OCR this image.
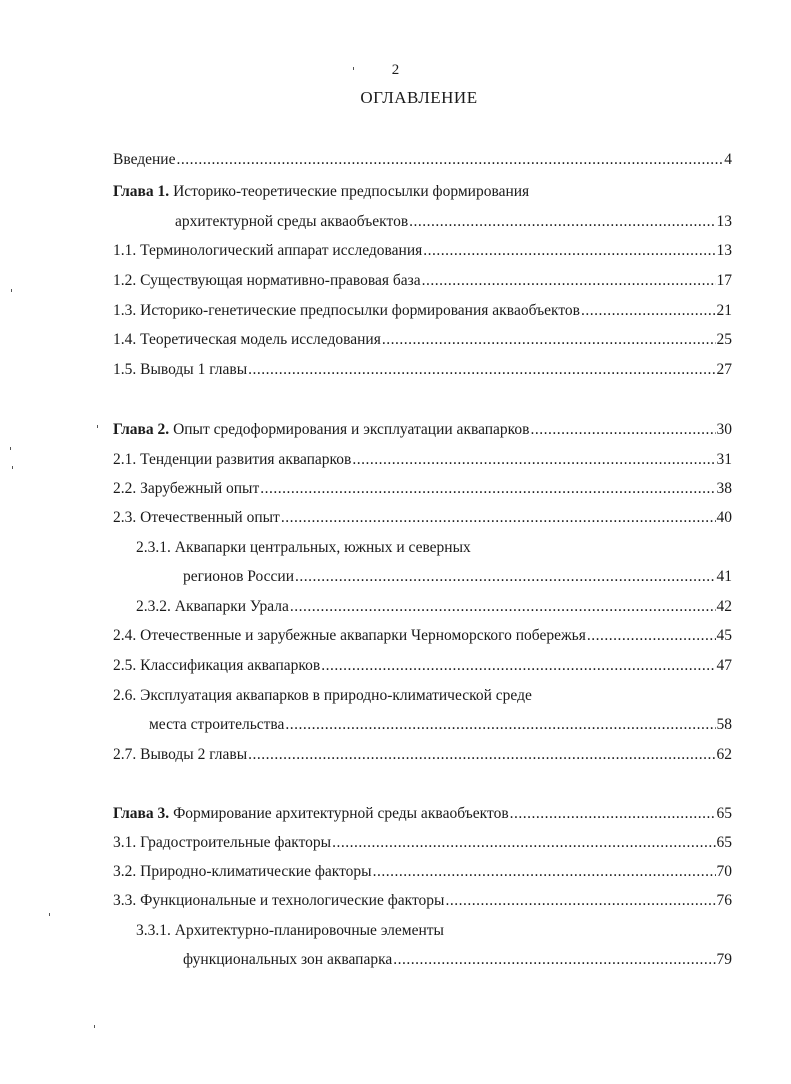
2
ОГЛАВЛЕНИЕ
Введение .....	4
Глава 1. Историко-теоретические предпосылки формирования
архитектурной среды аквaобъектов .....	13
1.1. Терминологический аппарат исследования .....	13
1.2. Существующая нормативно-правовая база .....	17
1.3. Историко-генетические предпосылки формирования аквaобъектов .....	21
1.4. Теоретическая модель исследования .....	25
1.5. Выводы 1 главы .....	27
Глава 2. Опыт средоформирования и эксплуатации аквапарков .....	30
2.1. Тенденции развития аквапарков .....	31
2.2. Зарубежный опыт .....	38
2.3. Отечественный опыт .....	40
2.3.1. Аквапарки центральных, южных и северных
регионов России .....	41
2.3.2. Аквапарки Урала .....	42
2.4. Отечественные и зарубежные аквапарки Черноморского побережья .....	45
2.5. Классификация аквапарков .....	47
2.6. Эксплуатация аквапарков в природно-климатической среде
места строительства .....	58
2.7. Выводы 2 главы .....	62
Глава 3. Формирование архитектурной среды аквaобъектов .....	65
3.1. Градостроительные факторы .....	65
3.2. Природно-климатические факторы .....	70
3.3. Функциональные и технологические факторы .....	76
3.3.1. Архитектурно-планировочные элементы
функциональных зон аквапарка .....	79
